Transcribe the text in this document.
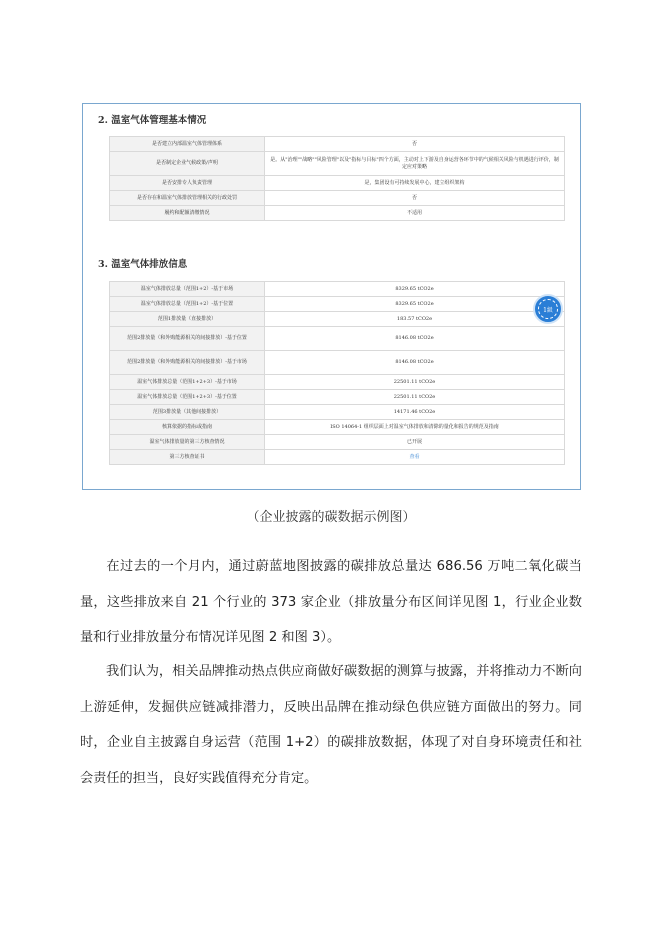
2. 温室气体管理基本情况
是否建立内部温室气体管理体系	否
是否制定企业气候政策/声明	是。从"治理""战略""风险管理"以及"指标与目标"四个方面，主动对上下游及自身运营各环节中的气候相关风险与机遇进行评价，制定应对策略
是否安排专人负责管理	是，集团设有可持续发展中心，建立组织架构
是否存在和温室气体排放管理相关的行政处罚	否
履约和配额清缴情况	不适用
3. 温室气体排放信息
温室气体排放总量（范围1+2）-基于市场	8329.65 tCO2e
温室气体排放总量（范围1+2）-基于位置	8329.65 tCO2e
范围1排放量（直接排放）	183.57 tCO2e
范围2排放量（和外购能源相关的间接排放）-基于位置	8146.08 tCO2e
范围2排放量（和外购能源相关的间接排放）-基于市场	8146.08 tCO2e
温室气体排放总量（范围1+2+3）-基于市场	22501.11 tCO2e
温室气体排放总量（范围1+2+3）-基于位置	22501.11 tCO2e
范围3排放量（其他间接排放）	14171.46 tCO2e
核算依据的指标或指南	ISO 14064-1 组织层面上对温室气体排放和清除的量化和报告的规范及指南
温室气体排放量的第三方核查情况	已开展
第三方核查证书	查看
1級
（企业披露的碳数据示例图）

在过去的一个月内，通过蔚蓝地图披露的碳排放总量达 686.56 万吨二氧化碳当量，这些排放来自 21 个行业的 373 家企业（排放量分布区间详见图 1，行业企业数量和行业排放量分布情况详见图 2 和图 3）。

我们认为，相关品牌推动热点供应商做好碳数据的测算与披露，并将推动力不断向上游延伸，发掘供应链减排潜力，反映出品牌在推动绿色供应链方面做出的努力。同时，企业自主披露自身运营（范围 1+2）的碳排放数据，体现了对自身环境责任和社会责任的担当，良好实践值得充分肯定。
